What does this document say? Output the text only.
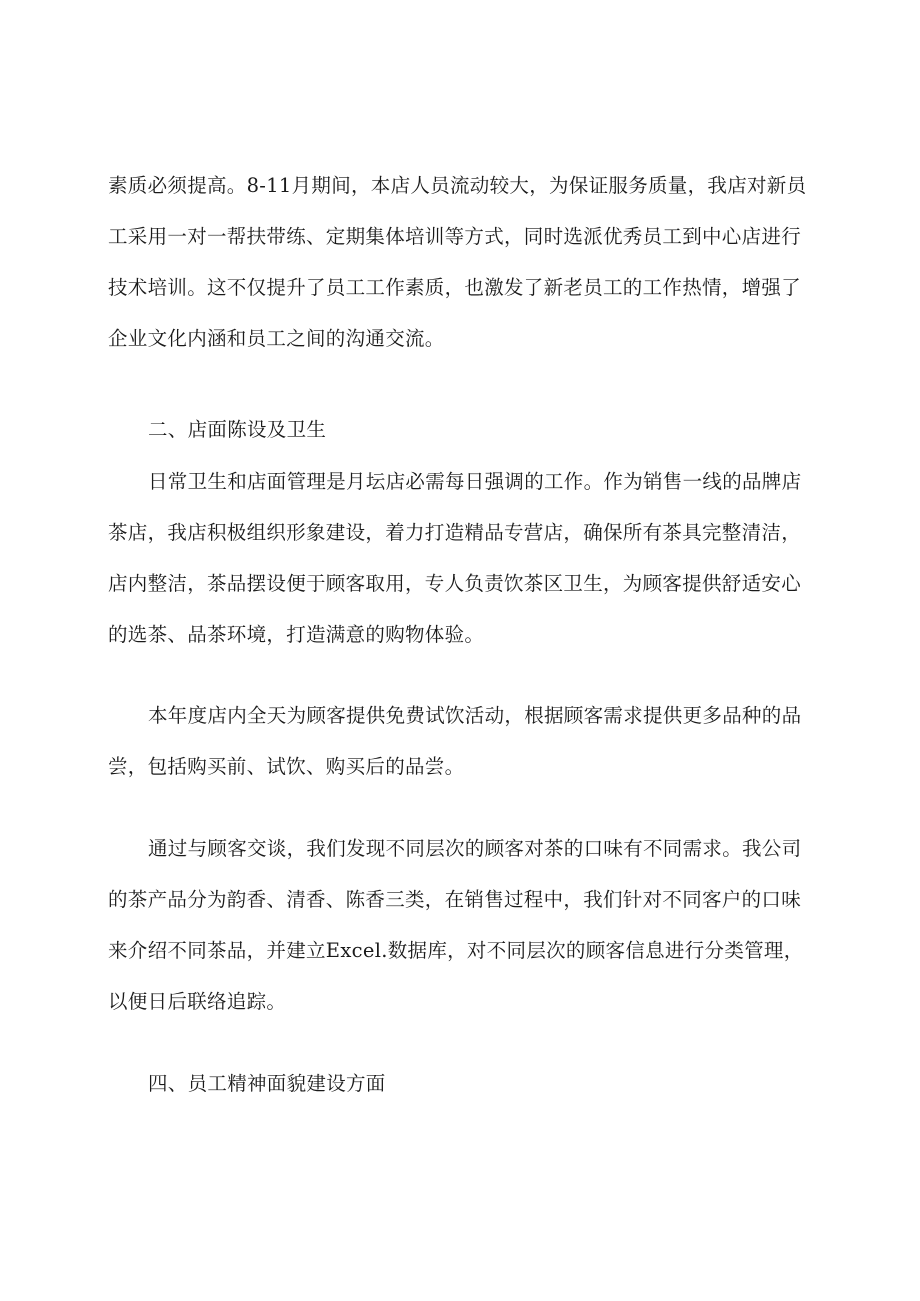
素质必须提高。8-11月期间，本店人员流动较大，为保证服务质量，我店对新员工采用一对一帮扶带练、定期集体培训等方式，同时选派优秀员工到中心店进行技术培训。这不仅提升了员工工作素质，也激发了新老员工的工作热情，增强了企业文化内涵和员工之间的沟通交流。

二、店面陈设及卫生

日常卫生和店面管理是月坛店必需每日强调的工作。作为销售一线的品牌店茶店，我店积极组织形象建设，着力打造精品专营店，确保所有茶具完整清洁，店内整洁，茶品摆设便于顾客取用，专人负责饮茶区卫生，为顾客提供舒适安心的选茶、品茶环境，打造满意的购物体验。

本年度店内全天为顾客提供免费试饮活动，根据顾客需求提供更多品种的品尝，包括购买前、试饮、购买后的品尝。

通过与顾客交谈，我们发现不同层次的顾客对茶的口味有不同需求。我公司的茶产品分为韵香、清香、陈香三类，在销售过程中，我们针对不同客户的口味来介绍不同茶品，并建立Excel.数据库，对不同层次的顾客信息进行分类管理，以便日后联络追踪。

四、员工精神面貌建设方面
